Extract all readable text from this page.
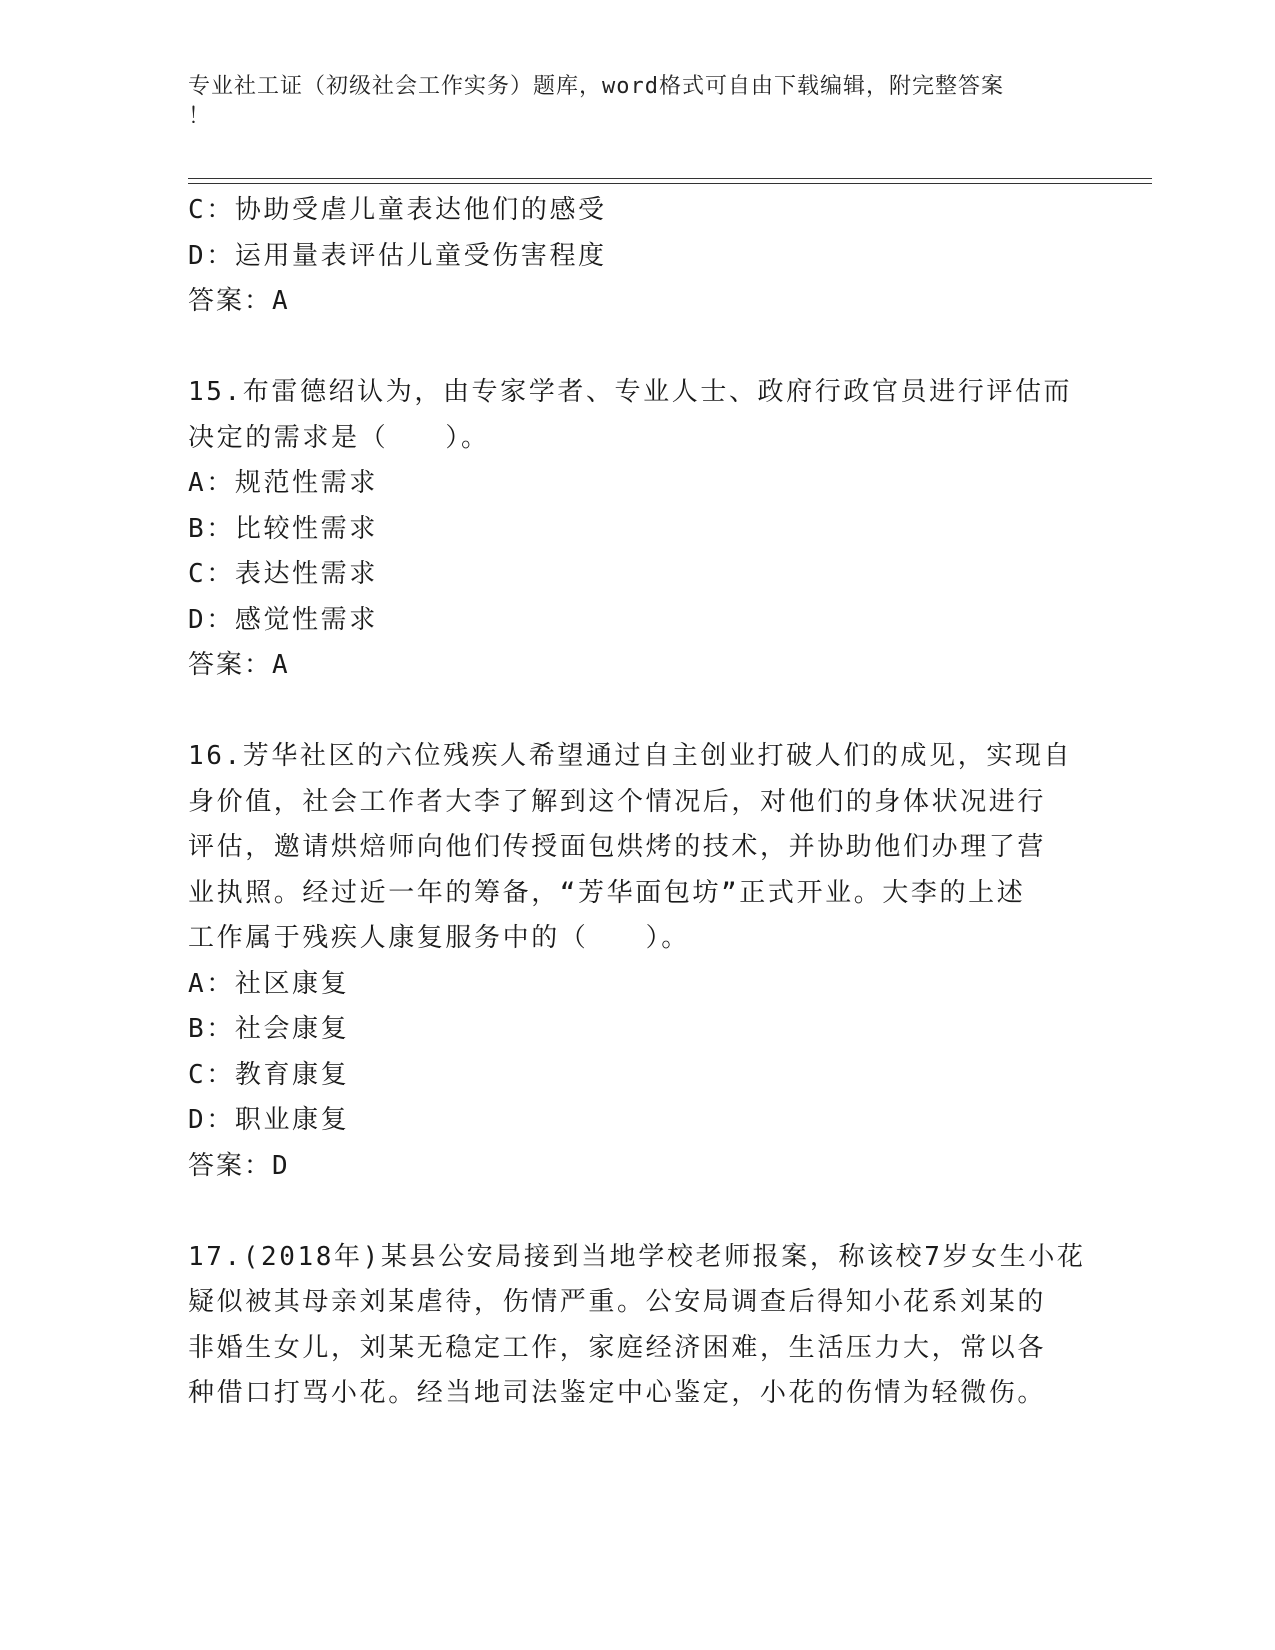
专业社工证（初级社会工作实务）题库，word格式可自由下载编辑，附完整答案
！
C：协助受虐儿童表达他们的感受
D：运用量表评估儿童受伤害程度
答案：A
15.布雷德绍认为，由专家学者、专业人士、政府行政官员进行评估而
决定的需求是（　　）。
A：规范性需求
B：比较性需求
C：表达性需求
D：感觉性需求
答案：A
16.芳华社区的六位残疾人希望通过自主创业打破人们的成见，实现自
身价值，社会工作者大李了解到这个情况后，对他们的身体状况进行
评估，邀请烘焙师向他们传授面包烘烤的技术，并协助他们办理了营
业执照。经过近一年的筹备，“芳华面包坊”正式开业。大李的上述
工作属于残疾人康复服务中的（　　）。
A：社区康复
B：社会康复
C：教育康复
D：职业康复
答案：D
17.(2018年)某县公安局接到当地学校老师报案，称该校7岁女生小花
疑似被其母亲刘某虐待，伤情严重。公安局调查后得知小花系刘某的
非婚生女儿，刘某无稳定工作，家庭经济困难，生活压力大，常以各
种借口打骂小花。经当地司法鉴定中心鉴定，小花的伤情为轻微伤。
